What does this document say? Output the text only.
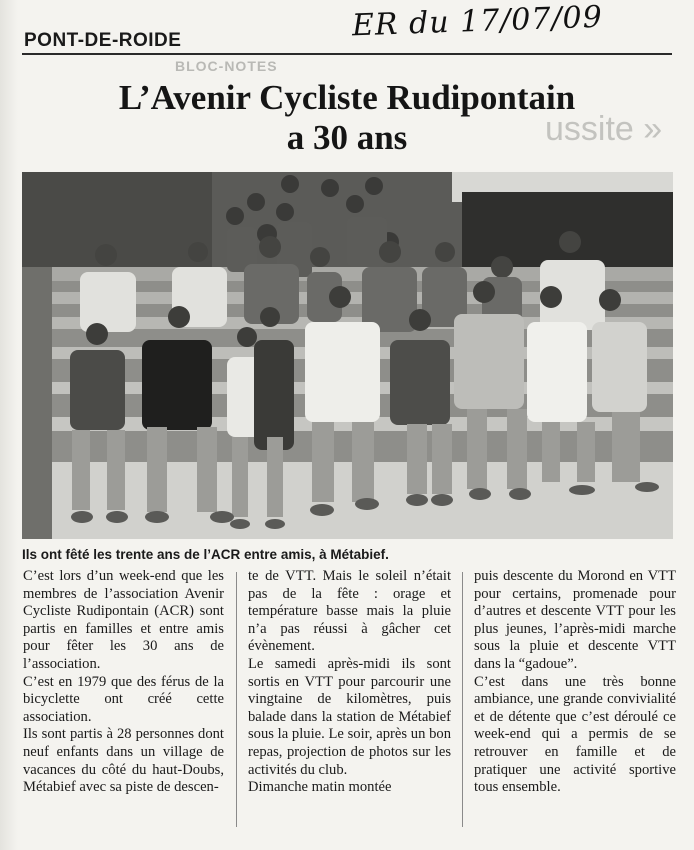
ER du 17/07/09
PONT-DE-ROIDE
BLOC-NOTES
ussite »
L’Avenir Cycliste Rudipontain
a 30 ans
Ils ont fêté les trente ans de l’ACR entre amis, à Métabief.

C’est lors d’un week-end que les membres de l’association Avenir Cycliste Rudipontain (ACR) sont partis en familles et entre amis pour fêter les 30 ans de l’association.

C’est en 1979 que des férus de la bicyclette ont créé cette association.

Ils sont partis à 28 personnes dont neuf enfants dans un village de vacances du côté du haut-Doubs, Métabief avec sa piste de descen-

te de VTT. Mais le soleil n’était pas de la fête : orage et température basse mais la pluie n’a pas réussi à gâcher cet évènement.

Le samedi après-midi ils sont sortis en VTT pour parcourir une vingtaine de kilomètres, puis balade dans la station de Métabief sous la pluie. Le soir, après un bon repas, projection de photos sur les activités du club.

Dimanche matin montée

puis descente du Morond en VTT pour certains, promenade pour d’autres et descente VTT pour les plus jeunes, l’après-midi marche sous la pluie et descente VTT dans la “gadoue”.

C’est dans une très bonne ambiance, une grande convivialité et de détente que c’est déroulé ce week-end qui a permis de se retrouver en famille et de pratiquer une activité sportive tous ensemble.
